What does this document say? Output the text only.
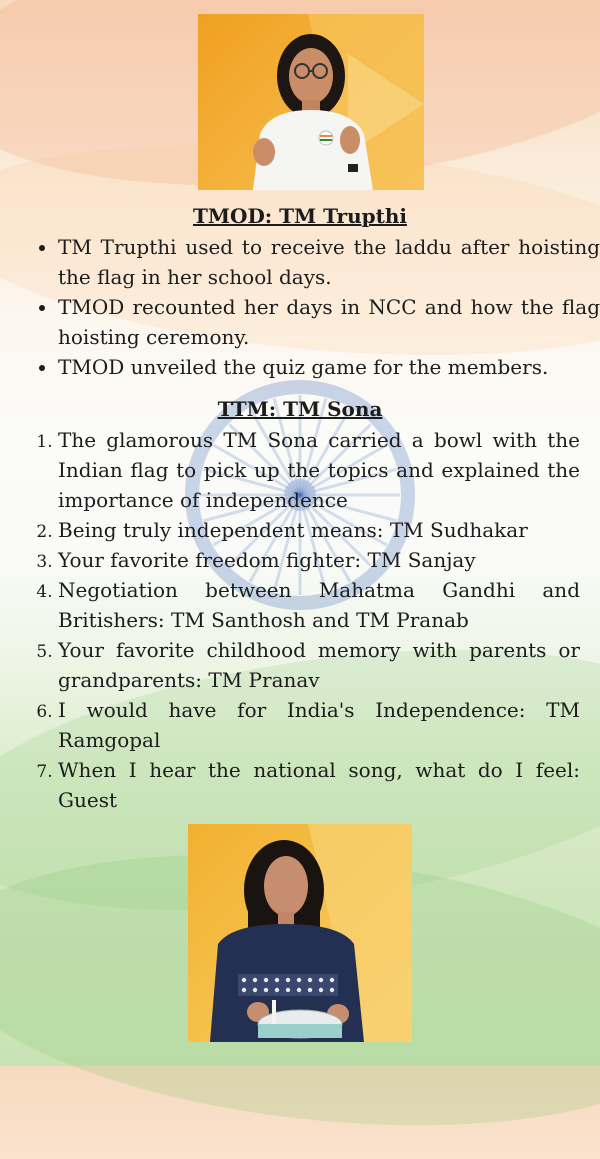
TMOD: TM Trupthi
• TM Trupthi used to receive the laddu after hoisting the flag in her school days.
• TMOD recounted her days in NCC and how the flag hoisting ceremony.
• TMOD unveiled the quiz game for the members.
TTM: TM Sona
1. The glamorous TM Sona carried a bowl with the Indian flag to pick up the topics and explained the importance of independence
2. Being truly independent means: TM Sudhakar
3. Your favorite freedom fighter: TM Sanjay
4. Negotiation between Mahatma Gandhi and Britishers: TM Santhosh and TM Pranab
5. Your favorite childhood memory with parents or grandparents: TM Pranav
6. I would have for India's Independence: TM Ramgopal
7. When I hear the national song, what do I feel: Guest
